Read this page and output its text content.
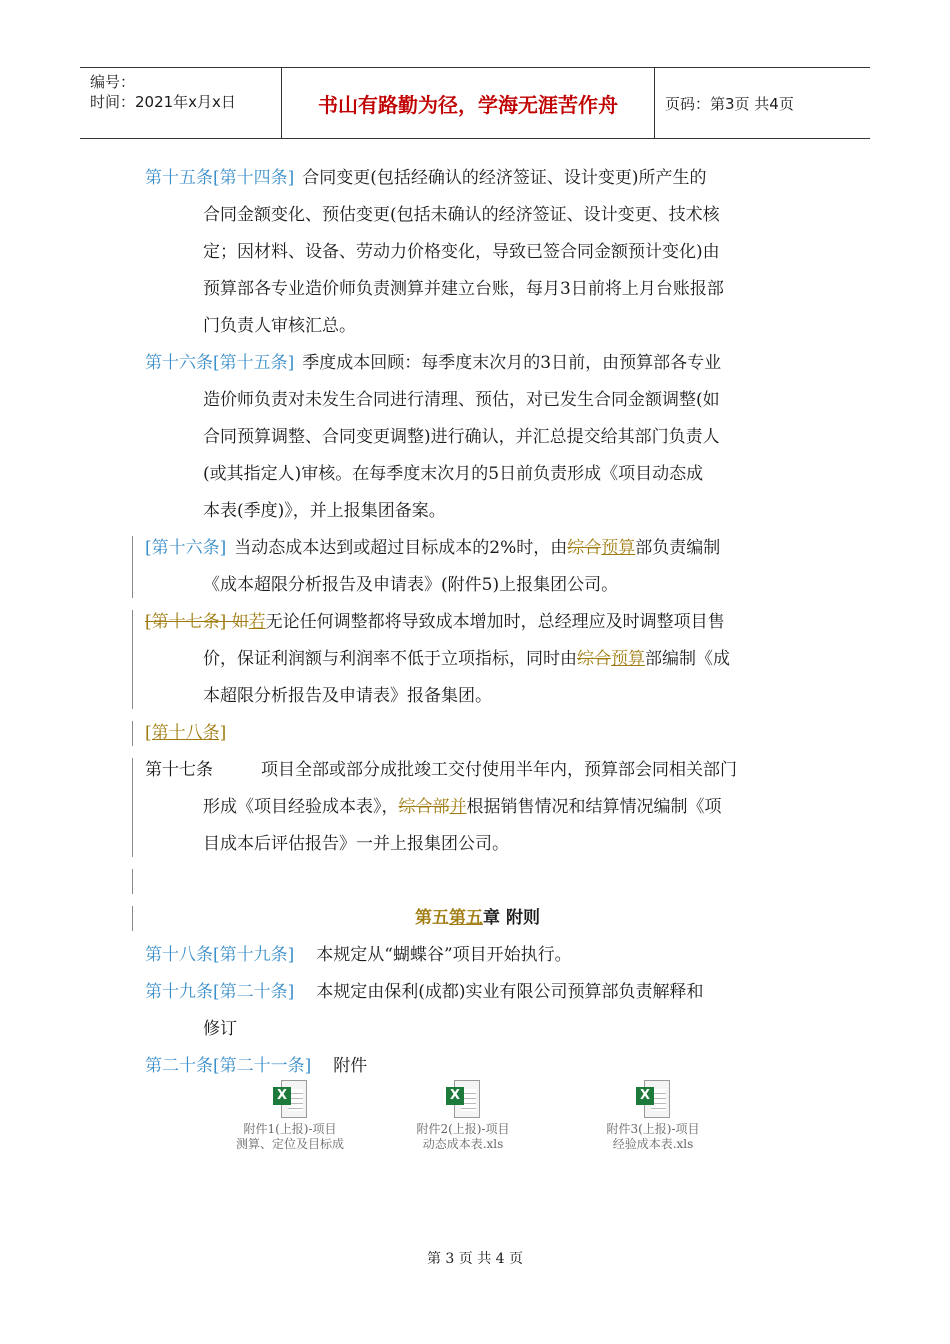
编号：
时间：2021年x月x日	书山有路勤为径，学海无涯苦作舟	页码：第3页 共4页
第十五条[第十四条] 合同变更(包括经确认的经济签证、设计变更)所产生的
合同金额变化、预估变更(包括未确认的经济签证、设计变更、技术核
定；因材料、设备、劳动力价格变化，导致已签合同金额预计变化)由
预算部各专业造价师负责测算并建立台账，每月3日前将上月台账报部
门负责人审核汇总。
第十六条[第十五条] 季度成本回顾：每季度末次月的3日前，由预算部各专业
造价师负责对未发生合同进行清理、预估，对已发生合同金额调整(如
合同预算调整、合同变更调整)进行确认，并汇总提交给其部门负责人
(或其指定人)审核。在每季度末次月的5日前负责形成《项目动态成
本表(季度)》，并上报集团备案。
[第十六条] 当动态成本达到或超过目标成本的2%时，由综合预算部负责编制
《成本超限分析报告及申请表》(附件5)上报集团公司。
[第十七条] 如若无论任何调整都将导致成本增加时，总经理应及时调整项目售
价，保证利润额与利润率不低于立项指标，同时由综合预算部编制《成
本超限分析报告及申请表》报备集团。
[第十八条]
第十七条	项目全部或部分成批竣工交付使用半年内，预算部会同相关部门
形成《项目经验成本表》，综合部并根据销售情况和结算情况编制《项
目成本后评估报告》一并上报集团公司。
第五第五章 附则
第十八条[第十九条] 本规定从“蝴蝶谷”项目开始执行。
第十九条[第二十条] 本规定由保利(成都)实业有限公司预算部负责解释和
修订
第二十条[第二十一条] 附件
X
附件1(上报)-项目
测算、定位及目标成
X
附件2(上报)-项目
动态成本表.xls
X
附件3(上报)-项目
经验成本表.xls
第 3 页 共 4 页
